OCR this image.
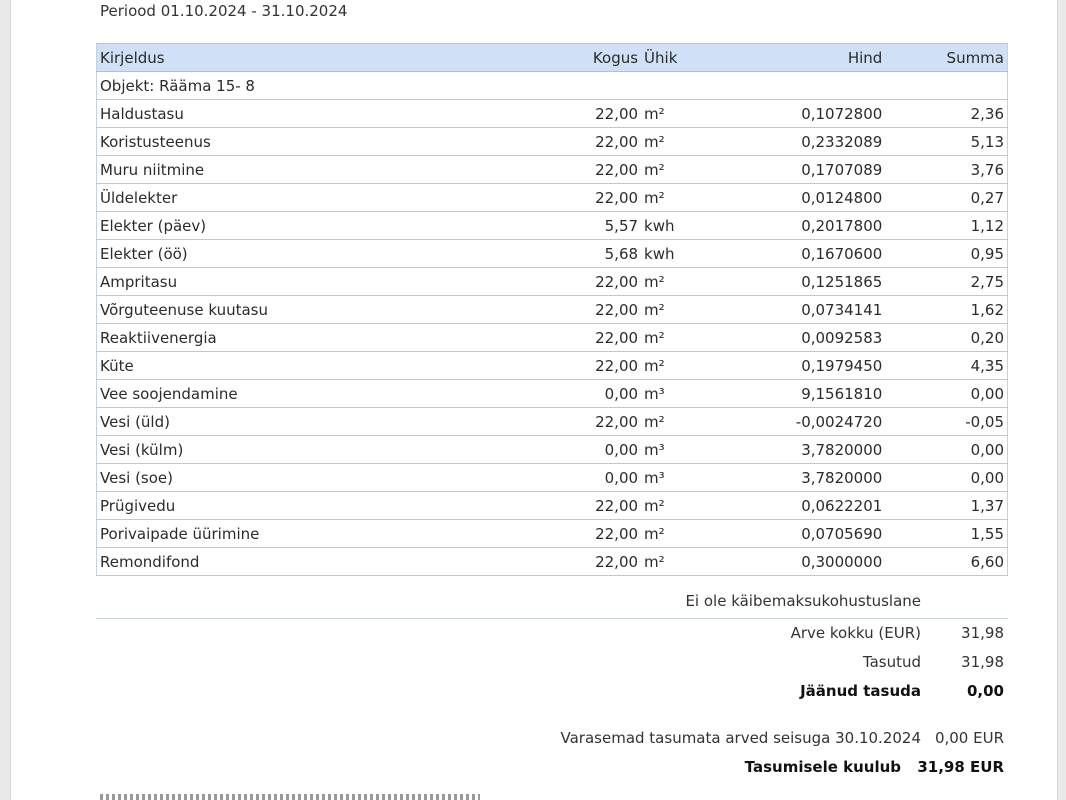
Periood 01.10.2024 - 31.10.2024
Kirjeldus	Kogus	Ühik	Hind	Summa
Objekt: Rääma 15- 8				
Haldustasu	22,00	m²	0,1072800	2,36
Koristusteenus	22,00	m²	0,2332089	5,13
Muru niitmine	22,00	m²	0,1707089	3,76
Üldelekter	22,00	m²	0,0124800	0,27
Elekter (päev)	5,57	kwh	0,2017800	1,12
Elekter (öö)	5,68	kwh	0,1670600	0,95
Ampritasu	22,00	m²	0,1251865	2,75
Võrguteenuse kuutasu	22,00	m²	0,0734141	1,62
Reaktiivenergia	22,00	m²	0,0092583	0,20
Küte	22,00	m²	0,1979450	4,35
Vee soojendamine	0,00	m³	9,1561810	0,00
Vesi (üld)	22,00	m²	-0,0024720	-0,05
Vesi (külm)	0,00	m³	3,7820000	0,00
Vesi (soe)	0,00	m³	3,7820000	0,00
Prügivedu	22,00	m²	0,0622201	1,37
Porivaipade üürimine	22,00	m²	0,0705690	1,55
Remondifond	22,00	m²	0,3000000	6,60
Ei ole käibemaksukohustuslane
Arve kokku (EUR)	31,98
Tasutud	31,98
Jäänud tasuda	0,00
Varasemad tasumata arved seisuga 30.10.2024 0,00 EUR
Tasumisele kuulub	31,98 EUR
